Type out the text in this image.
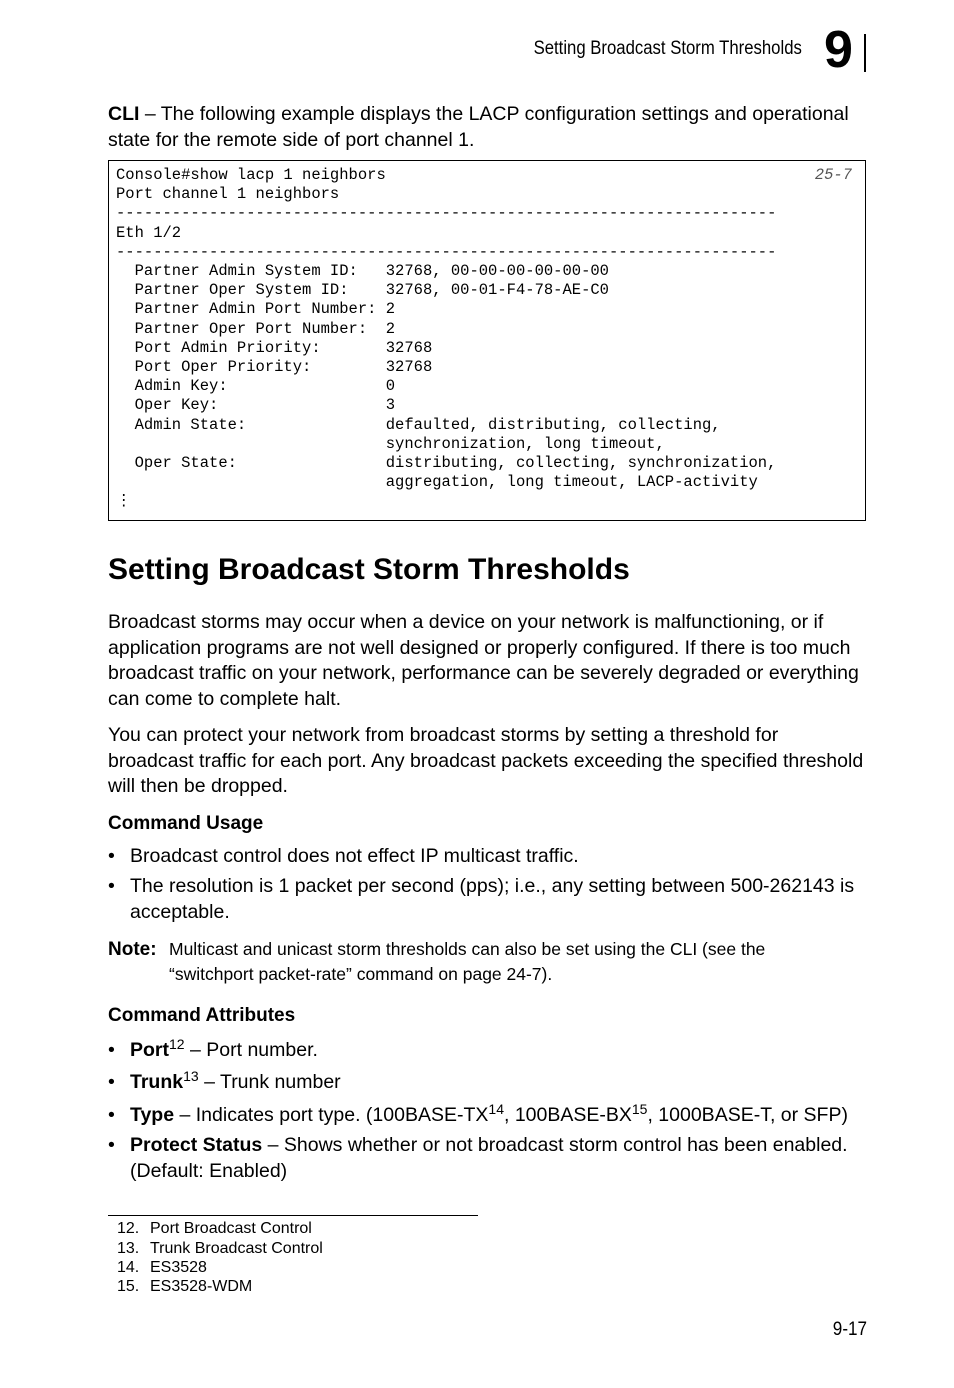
Setting Broadcast Storm Thresholds 9
CLI – The following example displays the LACP configuration settings and operational state for the remote side of port channel 1.
Console#show lacp 1 neighbors
Port channel 1 neighbors
-----------------------------------------------------------------------
Eth 1/2
-----------------------------------------------------------------------
Partner Admin System ID:   32768, 00-00-00-00-00-00
Partner Oper System ID:    32768, 00-01-F4-78-AE-C0
Partner Admin Port Number: 2
Partner Oper Port Number:  2
Port Admin Priority:       32768
Port Oper Priority:        32768
Admin Key:                 0
Oper Key:                  3
Admin State:               defaulted, distributing, collecting,
synchronization, long timeout,
Oper State:                distributing, collecting, synchronization,
aggregation, long timeout, LACP-activity
⋮
25-7
Setting Broadcast Storm Thresholds
Broadcast storms may occur when a device on your network is malfunctioning, or if application programs are not well designed or properly configured. If there is too much broadcast traffic on your network, performance can be severely degraded or everything can come to complete halt.
You can protect your network from broadcast storms by setting a threshold for broadcast traffic for each port. Any broadcast packets exceeding the specified threshold will then be dropped.
Command Usage
• Broadcast control does not effect IP multicast traffic.
• The resolution is 1 packet per second (pps); i.e., any setting between 500-262143 is acceptable.
Note: Multicast and unicast storm thresholds can also be set using the CLI (see the “switchport packet-rate” command on page 24-7).
Command Attributes
• Port$^{12}$ – Port number.
• Trunk$^{13}$ – Trunk number
• Type – Indicates port type. (100BASE-TX$^{14}$, 100BASE-BX$^{15}$, 1000BASE-T, or SFP)
• Protect Status – Shows whether or not broadcast storm control has been enabled. (Default: Enabled)
12. Port Broadcast Control
13. Trunk Broadcast Control
14. ES3528
15. ES3528-WDM
9-17
